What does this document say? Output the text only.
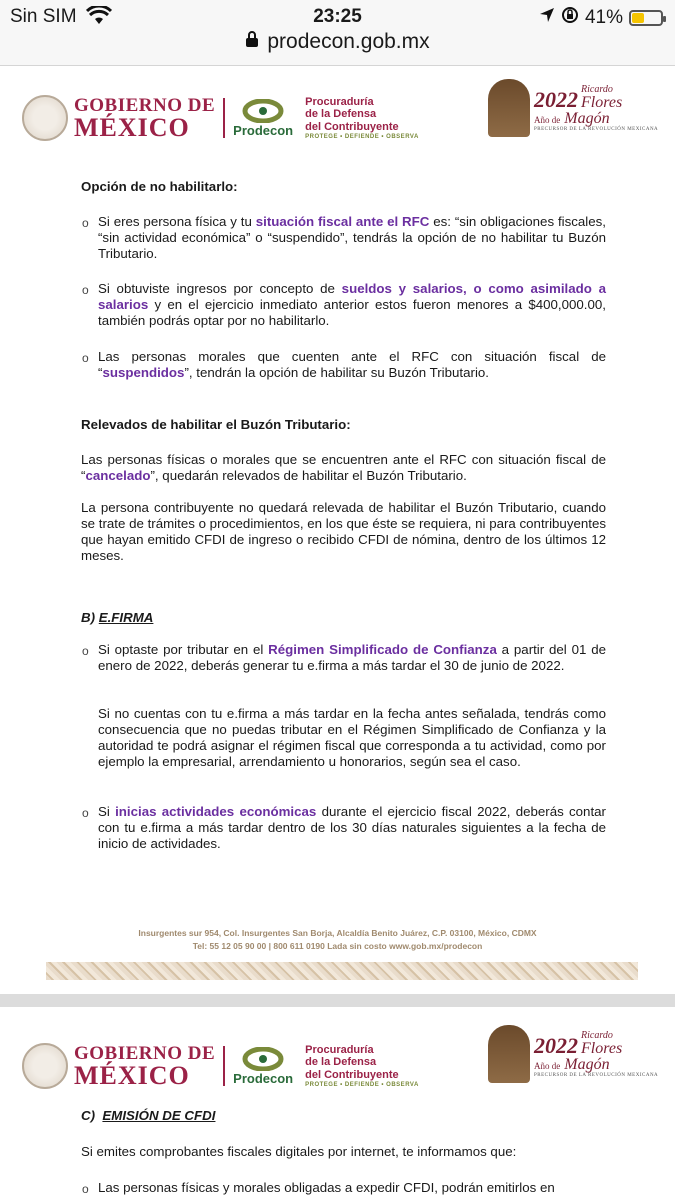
Sin SIM	23:25	41%
prodecon.gob.mx
GOBIERNO DE
MÉXICO	Prodecon
Procuraduría
de la Defensa
del Contribuyente
PROTEGE • DEFIENDE • OBSERVA
2022 Ricardo
Flores
Año de Magón
PRECURSOR DE LA REVOLUCIÓN MEXICANA
Opción de no habilitarlo:
o Si eres persona física y tu situación fiscal ante el RFC es: “sin obligaciones fiscales, “sin actividad económica” o “suspendido”, tendrás la opción de no habilitar tu Buzón Tributario.
o Si obtuviste ingresos por concepto de sueldos y salarios, o como asimilado a salarios y en el ejercicio inmediato anterior estos fueron menores a $400,000.00, también podrás optar por no habilitarlo.
o Las personas morales que cuenten ante el RFC con situación fiscal de “suspendidos”, tendrán la opción de habilitar su Buzón Tributario.
Relevados de habilitar el Buzón Tributario:
Las personas físicas o morales que se encuentren ante el RFC con situación fiscal de “cancelado”, quedarán relevados de habilitar el Buzón Tributario.
La persona contribuyente no quedará relevada de habilitar el Buzón Tributario, cuando se trate de trámites o procedimientos, en los que éste se requiera, ni para contribuyentes que hayan emitido CFDI de ingreso o recibido CFDI de nómina, dentro de los últimos 12 meses.
B) E.FIRMA
o Si optaste por tributar en el Régimen Simplificado de Confianza a partir del 01 de enero de 2022, deberás generar tu e.firma a más tardar el 30 de junio de 2022.
Si no cuentas con tu e.firma a más tardar en la fecha antes señalada, tendrás como consecuencia que no puedas tributar en el Régimen Simplificado de Confianza y la autoridad te podrá asignar el régimen fiscal que corresponda a tu actividad, como por ejemplo la empresarial, arrendamiento u honorarios, según sea el caso.
o Si inicias actividades económicas durante el ejercicio fiscal 2022, deberás contar con tu e.firma a más tardar dentro de los 30 días naturales siguientes a la fecha de inicio de actividades.
Insurgentes sur 954, Col. Insurgentes San Borja, Alcaldía Benito Juárez, C.P. 03100, México, CDMX
Tel: 55 12 05 90 00 | 800 611 0190 Lada sin costo www.gob.mx/prodecon
GOBIERNO DE
MÉXICO	Prodecon
Procuraduría
de la Defensa
del Contribuyente
PROTEGE • DEFIENDE • OBSERVA
2022 Ricardo
Flores
Año de Magón
PRECURSOR DE LA REVOLUCIÓN MEXICANA
C) EMISIÓN DE CFDI
Si emites comprobantes fiscales digitales por internet, te informamos que:
o Las personas físicas y morales obligadas a expedir CFDI, podrán emitirlos en
